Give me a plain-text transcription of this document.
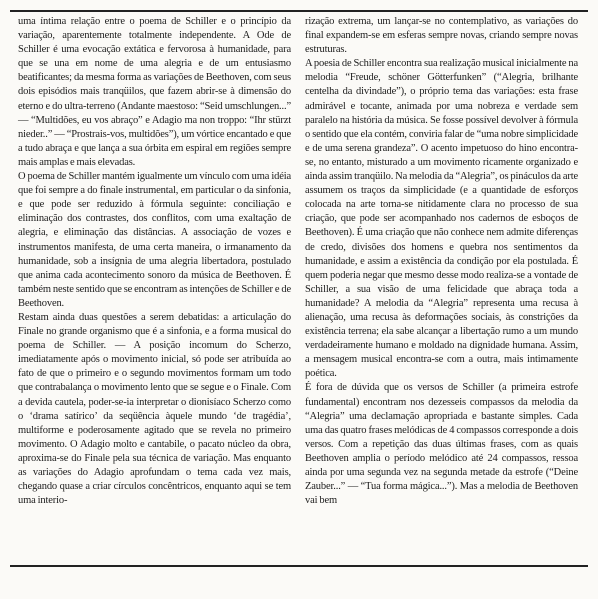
uma íntima relação entre o poema de Schiller e o princípio da variação, aparentemente totalmente independente. A Ode de Schiller é uma evocação extática e fervorosa à humanidade, para que se una em nome de uma alegria e de um entusiasmo beatificantes; da mesma forma as variações de Beethoven, com seus dois episódios mais tranqüilos, que fazem abrir-se à dimensão do eterno e do ultra-terreno (Andante maestoso: “Seid umschlungen...” — “Multidões, eu vos abraço” e Adagio ma non troppo: “Ihr stürzt nieder..” — “Prostrais-vos, multidões”), um vórtice encantado e que a tudo abraça e que lança a sua órbita em espiral em regiões sempre mais amplas e mais elevadas.

O poema de Schiller mantém igualmente um vínculo com uma idéia que foi sempre a do finale instrumental, em particular o da sinfonia, e que pode ser reduzido à fórmula seguinte: conciliação e eliminação dos contrastes, dos conflitos, com uma exaltação de alegria, e eliminação das distâncias. A associação de vozes e instrumentos manifesta, de uma certa maneira, o irmanamento da humanidade, sob a insígnia de uma alegria libertadora, postulado que anima cada acontecimento sonoro da música de Beethoven. É também neste sentido que se encontram as intenções de Schiller e de Beethoven.

Restam ainda duas questões a serem debatidas: a articulação do Finale no grande organismo que é a sinfonia, e a forma musical do poema de Schiller. — A posição incomum do Scherzo, imediatamente após o movimento inicial, só pode ser atribuída ao fato de que o primeiro e o segundo movimentos formam um todo que contrabalança o movimento lento que se segue e o Finale. Com a devida cautela, poder-se-ia interpretar o dionisíaco Scherzo como o ‘drama satírico’ da seqüência àquele mundo ‘de tragédia’, multiforme e poderosamente agitado que se revela no primeiro movimento. O Adagio molto e cantabile, o pacato núcleo da obra, aproxima-se do Finale pela sua técnica de variação. Mas enquanto as variações do Adagio aprofundam o tema cada vez mais, chegando quase a criar círculos concêntricos, enquanto aqui se tem uma interio-

rização extrema, um lançar-se no contemplativo, as variações do final expandem-se em esferas sempre novas, criando sempre novas estruturas.

A poesia de Schiller encontra sua realização musical inicialmente na melodia “Freude, schöner Götterfunken” (“Alegria, brilhante centelha da divindade”), o próprio tema das variações: esta frase admirável e tocante, animada por uma nobreza e verdade sem paralelo na história da música. Se fosse possível devolver à fórmula o sentido que ela contém, conviria falar de “uma nobre simplicidade e de uma serena grandeza”. O acento impetuoso do hino encontra-se, no entanto, misturado a um movimento ricamente organizado e ainda assim tranqüilo. Na melodia da “Alegria”, os pináculos da arte assumem os traços da simplicidade (e a quantidade de esforços colocada na arte torna-se nitidamente clara no processo de sua criação, que pode ser acompanhado nos cadernos de esboços de Beethoven). É uma criação que não conhece nem admite diferenças de credo, divisões dos homens e quebra nos sentimentos da humanidade, e assim a existência da condição por ela postulada. É quem poderia negar que mesmo desse modo realiza-se a vontade de Schiller, a sua visão de uma felicidade que abraça toda a humanidade? A melodia da “Alegria” representa uma recusa à alienação, uma recusa às deformações sociais, às constrições da existência terrena; ela sabe alcançar a libertação rumo a um mundo verdadeiramente humano e moldado na dignidade humana. Assim, a mensagem musical encontra-se com a outra, mais intimamente poética.

É fora de dúvida que os versos de Schiller (a primeira estrofe fundamental) encontram nos dezesseis compassos da melodia da “Alegria” uma declamação apropriada e bastante simples. Cada uma das quatro frases melódicas de 4 compassos corresponde a dois versos. Com a repetição das duas últimas frases, com as quais Beethoven amplia o período melódico até 24 compassos, ressoa ainda por uma segunda vez na segunda metade da estrofe (“Deine Zauber...” — “Tua forma mágica...”). Mas a melodia de Beethoven vai bem
